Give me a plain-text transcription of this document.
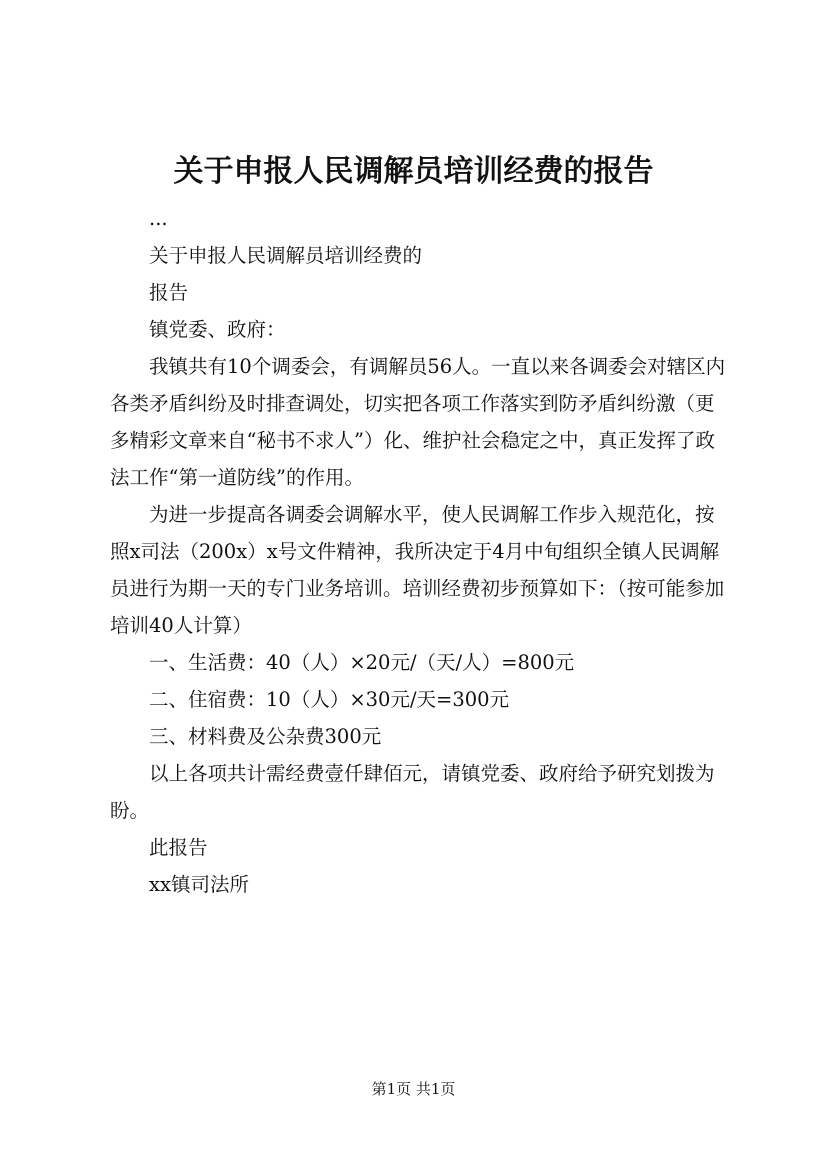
关于申报人民调解员培训经费的报告

...

关于申报人民调解员培训经费的

报告

镇党委、政府：

我镇共有10个调委会，有调解员56人。一直以来各调委会对辖区内各类矛盾纠纷及时排查调处，切实把各项工作落实到防矛盾纠纷激（更多精彩文章来自“秘书不求人”）化、维护社会稳定之中，真正发挥了政法工作“第一道防线”的作用。

为进一步提高各调委会调解水平，使人民调解工作步入规范化，按照x司法（200x）x号文件精神，我所决定于4月中旬组织全镇人民调解员进行为期一天的专门业务培训。培训经费初步预算如下：（按可能参加培训40人计算）

一、生活费：40（人）×20元/（天/人）=800元

二、住宿费：10（人）×30元/天=300元

三、材料费及公杂费300元

以上各项共计需经费壹仟肆佰元，请镇党委、政府给予研究划拨为盼。

此报告

xx镇司法所

第1页 共1页
